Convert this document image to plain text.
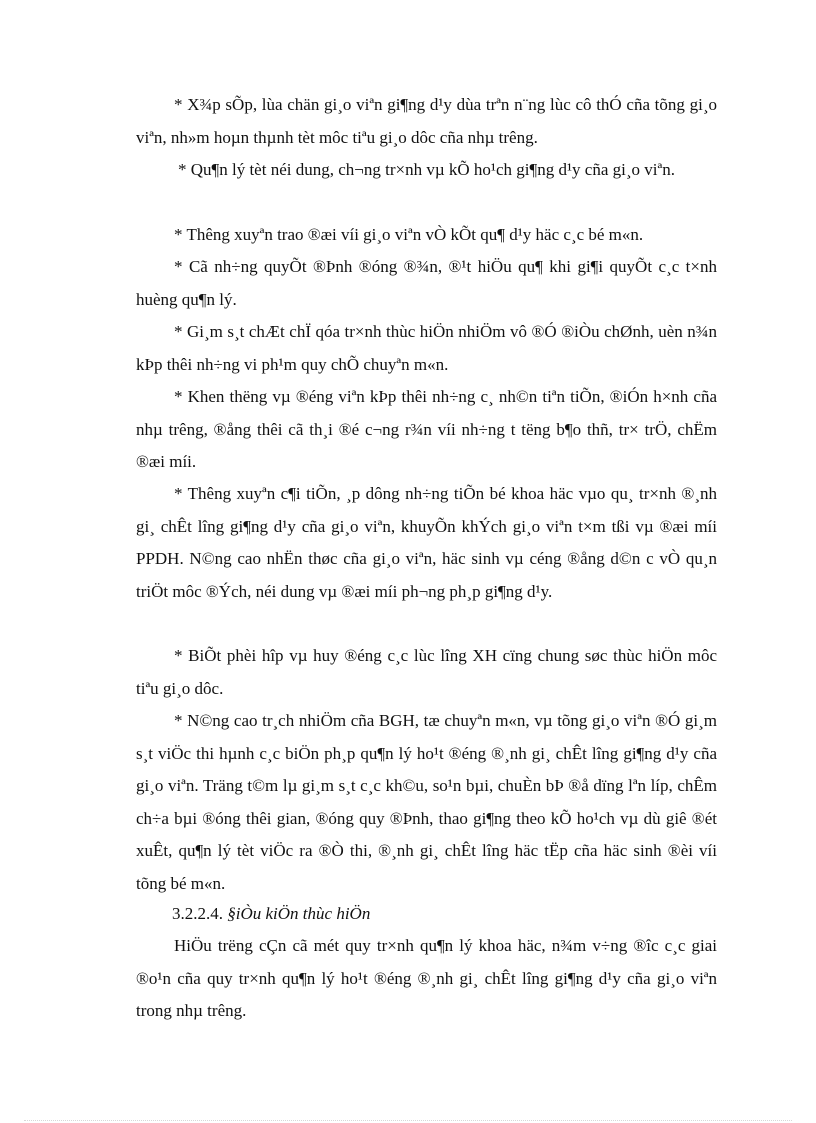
* X¾p sÕp, lùa chän gi¸o viªn gi¶ng d¹y dùa trªn n¨ng lùc cô thÓ cña tõng gi¸o viªn, nh»m hoµn thµnh tèt môc tiªu gi¸o dôc cña nhµ trêng.

* Qu¶n lý tèt néi dung, ch¬ng tr×nh vµ kÕ ho¹ch gi¶ng d¹y cña gi¸o viªn.

* Thêng xuyªn trao ®æi víi gi¸o viªn vÒ kÕt qu¶ d¹y häc c¸c bé m«n.

* Cã nh÷ng quyÕt ®Þnh ®óng ®¾n, ®¹t hiÖu qu¶ khi gi¶i quyÕt c¸c t×nh huèng qu¶n lý.

* Gi¸m s¸t chÆt chÏ qóa tr×nh thùc hiÖn nhiÖm vô ®Ó ®iÒu chØnh, uèn n¾n kÞp thêi nh÷ng vi ph¹m quy chÕ chuyªn m«n.

* Khen thëng vµ ®éng viªn kÞp thêi nh÷ng c¸ nh©n tiªn tiÕn, ®iÓn h×nh cña nhµ trêng, ®ång thêi cã th¸i ®é c¬ng r¾n víi nh÷ng t tëng b¶o thñ, tr× trÖ, chËm ®æi míi.

* Thêng xuyªn c¶i tiÕn, ¸p dông nh÷ng tiÕn bé khoa häc vµo qu¸ tr×nh ®¸nh gi¸ chÊt lîng gi¶ng d¹y cña gi¸o viªn, khuyÕn khÝch gi¸o viªn t×m tßi vµ ®æi míi PPDH. N©ng cao nhËn thøc cña gi¸o viªn, häc sinh vµ céng ®ång d©n c vÒ qu¸n triÖt môc ®Ých, néi dung vµ ®æi míi ph¬ng ph¸p gi¶ng d¹y.

* BiÕt phèi hîp vµ huy ®éng c¸c lùc lîng XH cïng chung søc thùc hiÖn môc tiªu gi¸o dôc.

* N©ng cao tr¸ch nhiÖm cña BGH, tæ chuyªn m«n, vµ tõng gi¸o viªn ®Ó gi¸m s¸t viÖc thi hµnh c¸c biÖn ph¸p qu¶n lý ho¹t ®éng ®¸nh gi¸ chÊt lîng gi¶ng d¹y cña gi¸o viªn. Träng t©m lµ gi¸m s¸t c¸c kh©u, so¹n bµi, chuÈn bÞ ®å dïng lªn líp, chÊm ch÷a bµi ®óng thêi gian, ®óng quy ®Þnh, thao gi¶ng theo kÕ ho¹ch vµ dù giê ®ét xuÊt, qu¶n lý tèt viÖc ra ®Ò thi, ®¸nh gi¸ chÊt lîng häc tËp cña häc sinh ®èi víi tõng bé m«n.

3.2.2.4. §iÒu kiÖn thùc hiÖn

HiÖu trëng cÇn cã mét quy tr×nh qu¶n lý khoa häc, n¾m v÷ng ®îc c¸c giai ®o¹n cña quy tr×nh qu¶n lý ho¹t ®éng ®¸nh gi¸ chÊt lîng gi¶ng d¹y cña gi¸o viªn trong nhµ trêng.
